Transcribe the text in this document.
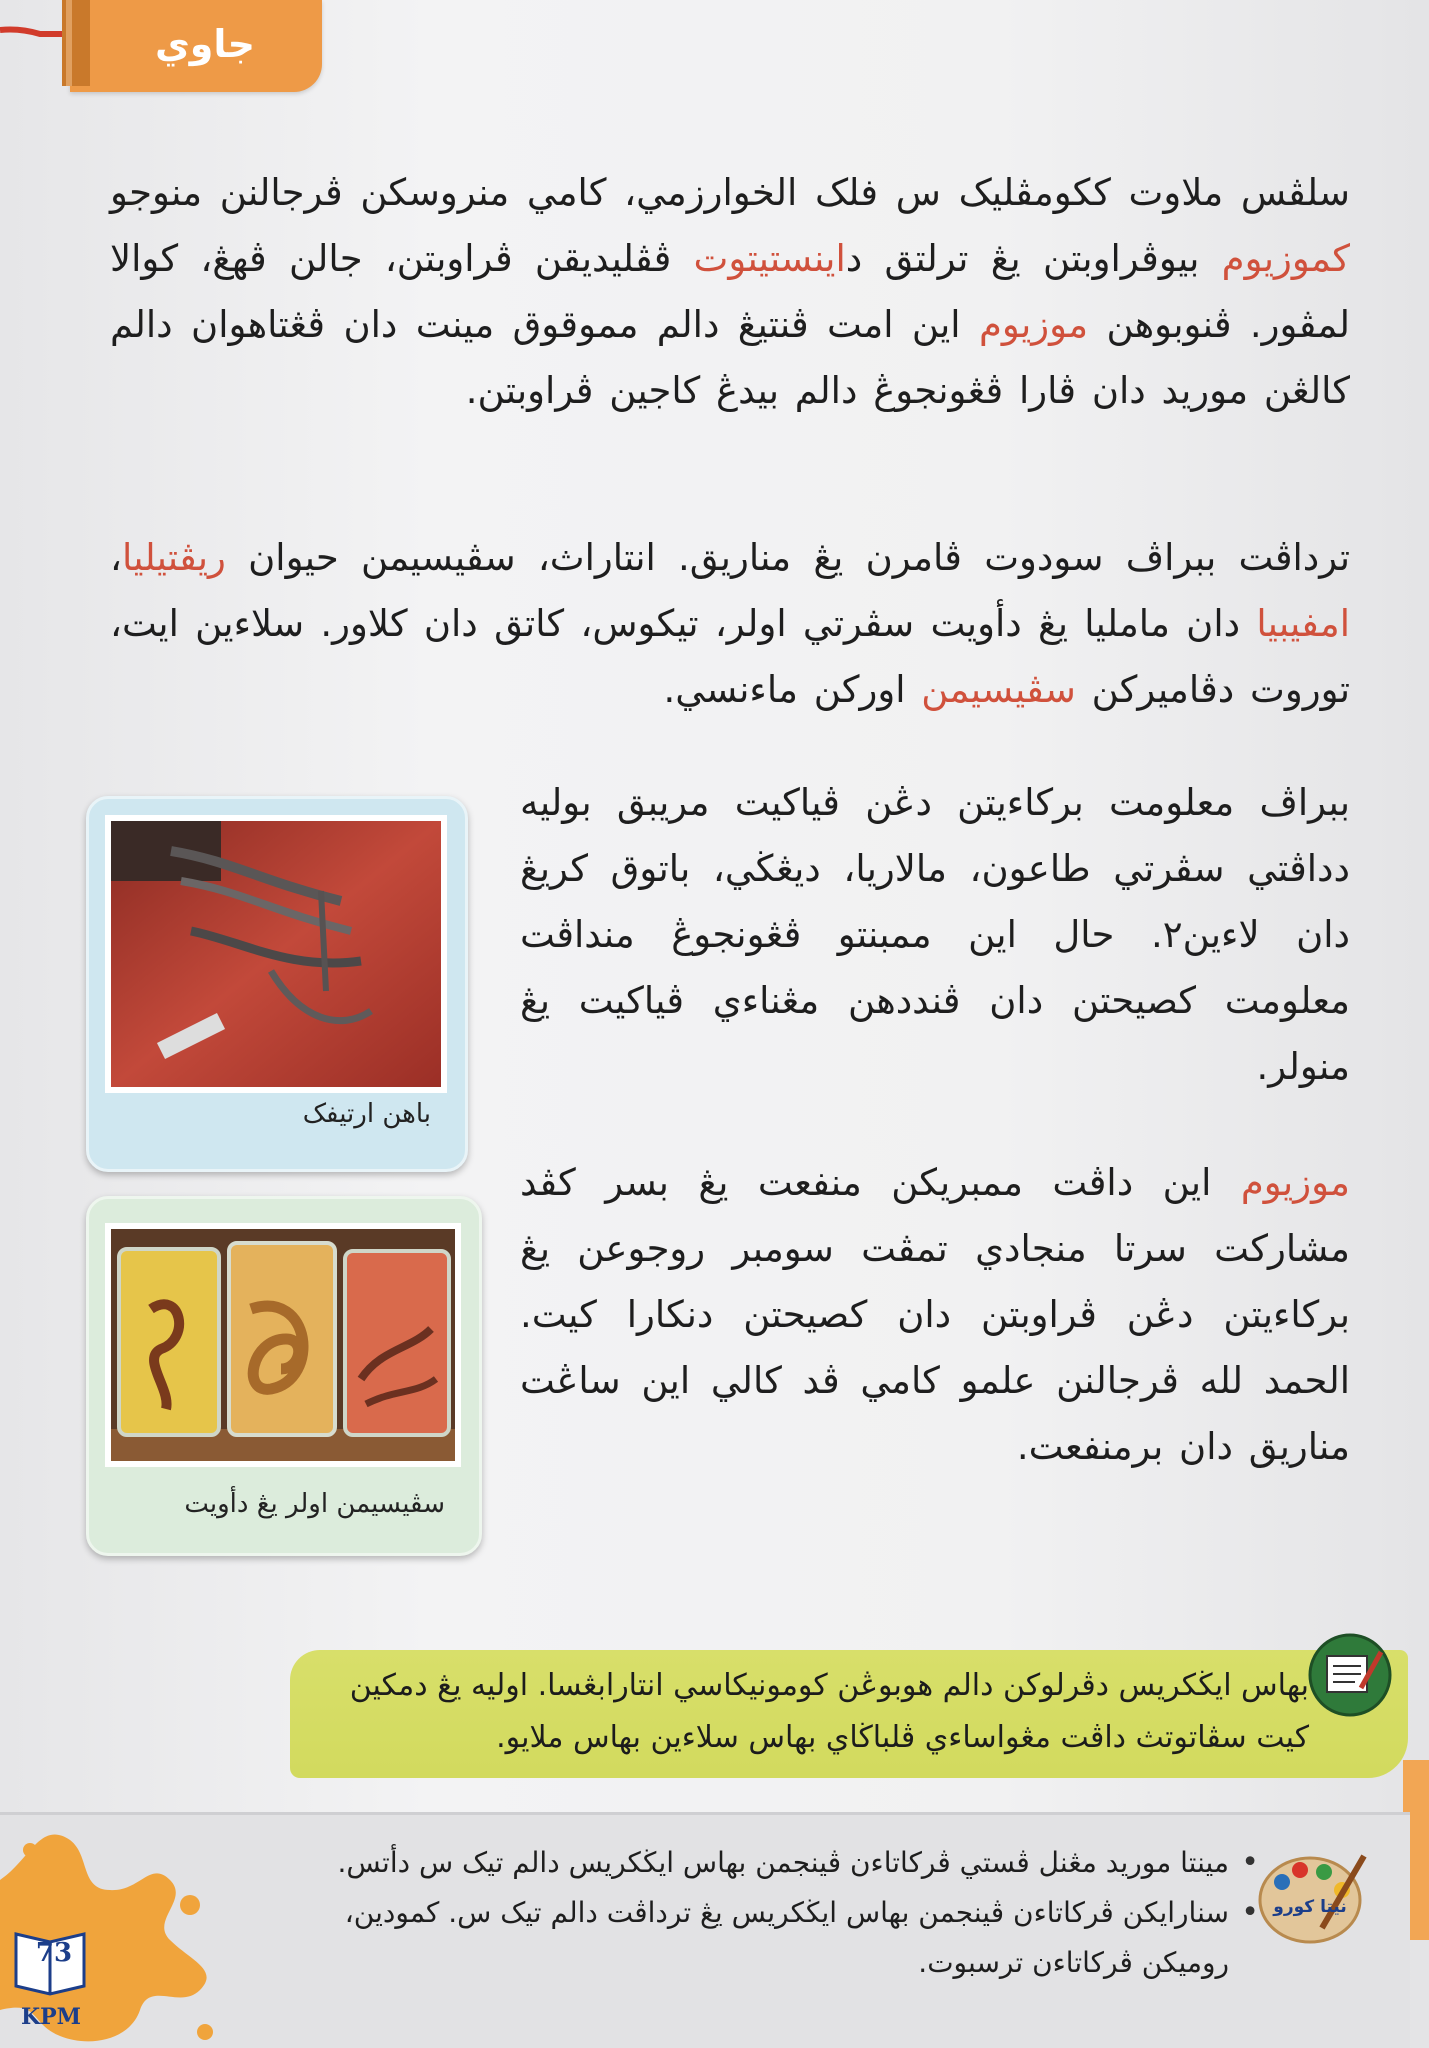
جاوي
سلڤس ملاوت ككومڤليک س فلک الخوارزمي، کامي منروسکن ڤرجالنن منوجو کموزيوم بيوڤراوبتن يڠ ترلتق داينستيتوت ڤڤليديقن ڤراوبتن، جالن ڤهڠ، کوالا لمڤور. ڤنوبوهن موزيوم اين امت ڤنتيڠ دالم مموقوق مينت دان ڤڠتاهوان دالم کالڠن موريد دان ڤارا ڤڠونجوڠ دالم بيدڠ کاجين ڤراوبتن.
ترداڤت ببراڤ سودوت ڤامرن يڠ مناريق. انتاراث، سڤيسيمن حيوان ريڤتيليا، امفيبيا دان مامليا يڠ دأويت سڤرتي اولر، تيکوس، کاتق دان کلاور. سلاءين ايت، توروت دڤاميرکن سڤيسيمن اورکن ماءنسي.
ببراڤ معلومت برکاءيتن دڠن ڤياکيت مريبق بوليه دداڤتي سڤرتي طاعون، مالاريا، ديڠڬي، باتوق کريڠ دان لاءين٢. حال اين ممبنتو ڤڠونجوڠ منداڤت معلومت کصيحتن دان ڤنددهن مڠناءي ڤياکيت يڠ منولر.
موزيوم اين داڤت ممبريکن منفعت يڠ بسر کڤد مشارکت سرتا منجادي تمڤت سومبر روجوعن يڠ برکاءيتن دڠن ڤراوبتن دان کصيحتن دنکارا کيت. الحمد لله ڤرجالنن علمو کامي ڤد کالي اين ساڠت مناريق دان برمنفعت.
باهن ارتيفک
سڤيسيمن اولر يڠ دأويت
بهاس ايڬکريس دڤرلوکن دالم هوبوڠن کومونيکاسي انتارابڠسا. اوليه يڠ دمکين کيت سڤاتوتث داڤت مڠواساءي ڤلباڬاي بهاس سلاءين بهاس ملايو.
73
KPM
• مينتا موريد مڠنل ڤستي ڤرکاتاءن ڤينجمن بهاس ايڬکريس دالم تيک س دأتس.
• سنارايکن ڤرکاتاءن ڤينجمن بهاس ايڬکريس يڠ ترداڤت دالم تيک س. کمودين، روميکن ڤرکاتاءن ترسبوت.
نيتا کورو
